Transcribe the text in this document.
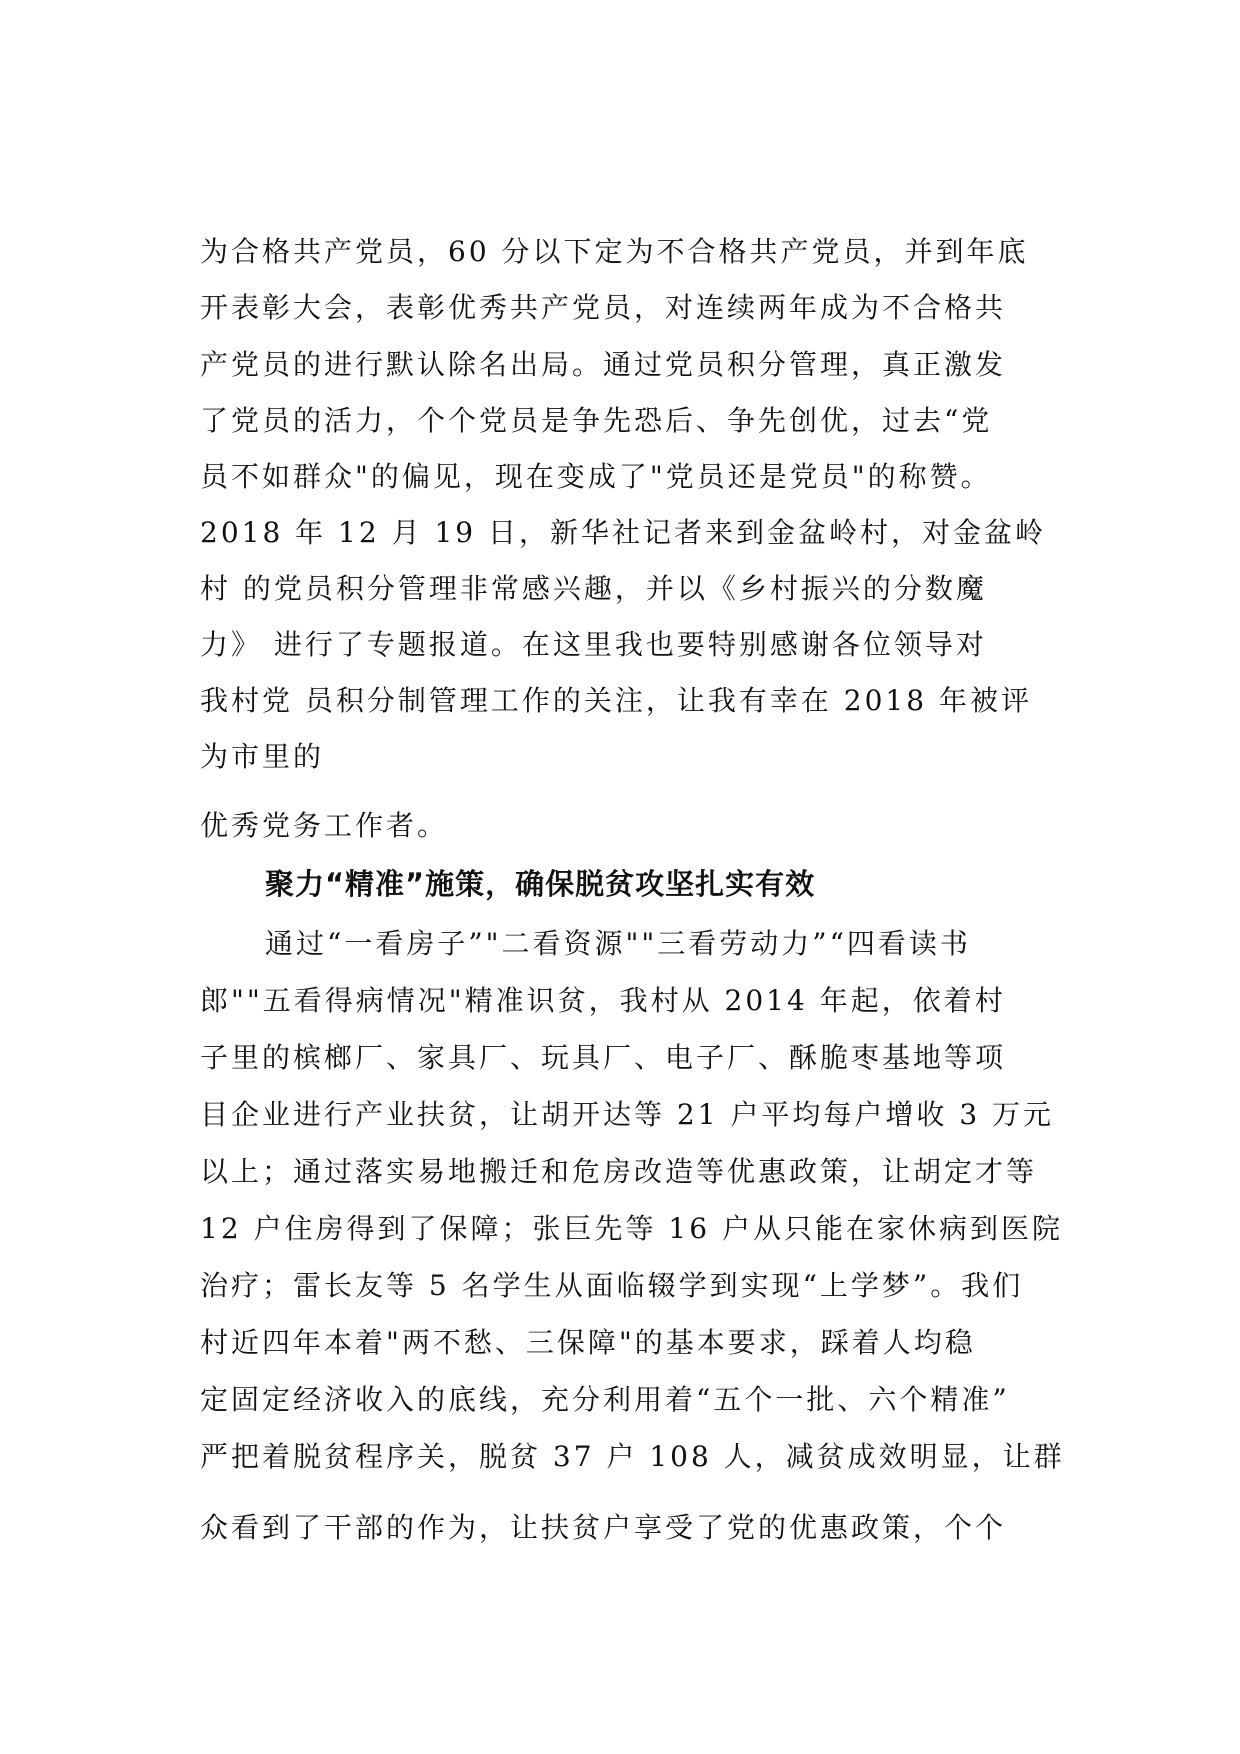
为合格共产党员，60 分以下定为不合格共产党员，并到年底
开表彰大会，表彰优秀共产党员，对连续两年成为不合格共
产党员的进行默认除名出局。通过党员积分管理，真正激发
了党员的活力，个个党员是争先恐后、争先创优，过去“党
员不如群众"的偏见，现在变成了"党员还是党员"的称赞。
2018 年 12 月 19 日，新华社记者来到金盆岭村，对金盆岭
村 的党员积分管理非常感兴趣，并以《乡村振兴的分数魔
力》 进行了专题报道。在这里我也要特别感谢各位领导对
我村党 员积分制管理工作的关注，让我有幸在 2018 年被评
为市里的
优秀党务工作者。
聚力“精准”施策，确保脱贫攻坚扎实有效
通过“一看房子”"二看资源""三看劳动力”“四看读书
郎""五看得病情况"精准识贫，我村从 2014 年起，依着村
子里的槟榔厂、家具厂、玩具厂、电子厂、酥脆枣基地等项
目企业进行产业扶贫，让胡开达等 21 户平均每户增收 3 万元
以上；通过落实易地搬迁和危房改造等优惠政策，让胡定才等
12 户住房得到了保障；张巨先等 16 户从只能在家休病到医院
治疗；雷长友等 5 名学生从面临辍学到实现“上学梦”。我们
村近四年本着"两不愁、三保障"的基本要求，踩着人均稳
定固定经济收入的底线，充分利用着“五个一批、六个精准”
严把着脱贫程序关，脱贫 37 户 108 人，减贫成效明显，让群
众看到了干部的作为，让扶贫户享受了党的优惠政策，个个
